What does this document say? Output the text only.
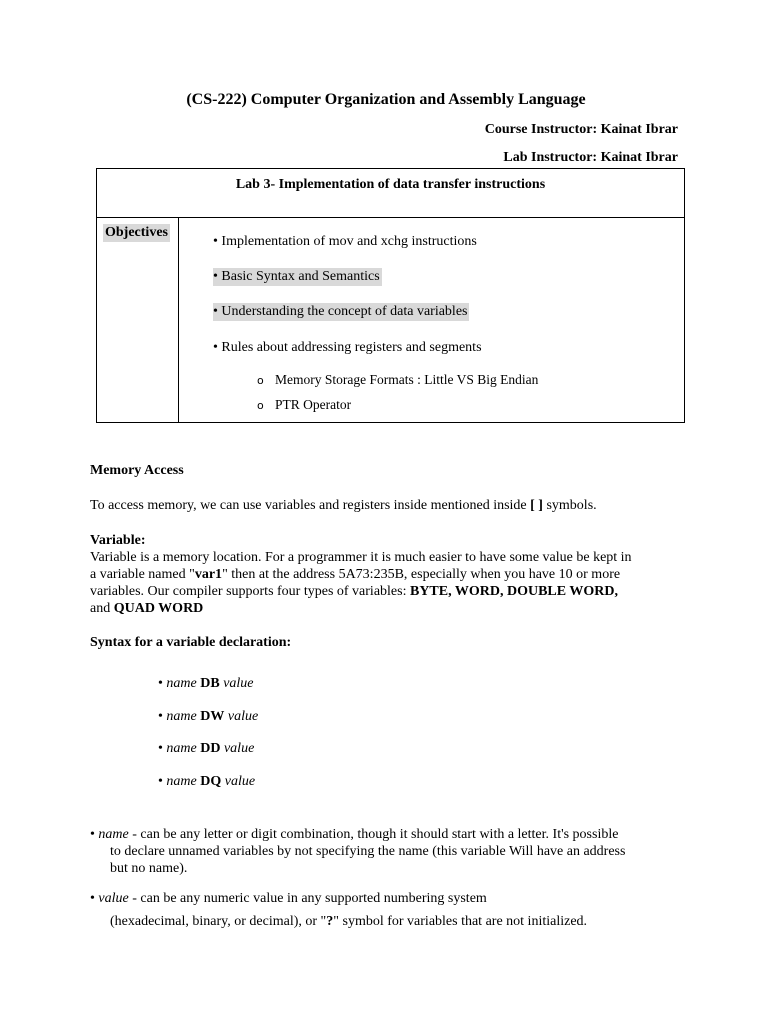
(CS-222) Computer Organization and Assembly Language
Course Instructor: Kainat Ibrar
Lab Instructor: Kainat Ibrar
Lab 3- Implementation of data transfer instructions
Objectives
• Implementation of mov and xchg instructions
• Basic Syntax and Semantics
• Understanding the concept of data variables
• Rules about addressing registers and segments
o Memory Storage Formats : Little VS Big Endian
o PTR Operator
Memory Access
To access memory, we can use variables and registers inside mentioned inside [ ] symbols.
Variable:
Variable is a memory location. For a programmer it is much easier to have some value be kept in
a variable named "var1" then at the address 5A73:235B, especially when you have 10 or more
variables. Our compiler supports four types of variables: BYTE, WORD, DOUBLE WORD,
and QUAD WORD
Syntax for a variable declaration:
• name DB value
• name DW value
• name DD value
• name DQ value
• name - can be any letter or digit combination, though it should start with a letter. It's possible
to declare unnamed variables by not specifying the name (this variable Will have an address
but no name).
• value - can be any numeric value in any supported numbering system
(hexadecimal, binary, or decimal), or "?" symbol for variables that are not initialized.
